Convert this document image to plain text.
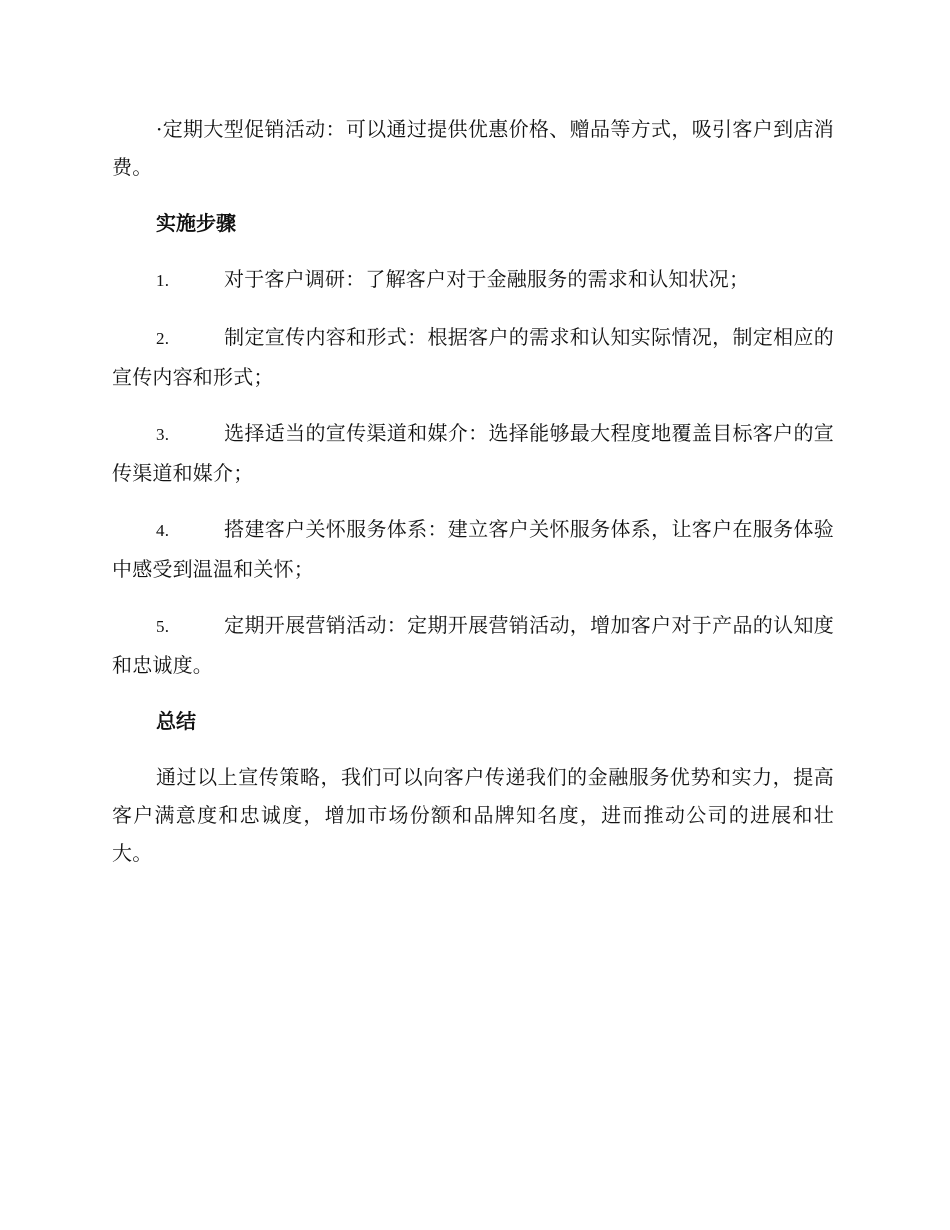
·定期大型促销活动：可以通过提供优惠价格、赠品等方式，吸引客户到店消费。

实施步骤
1.	对于客户调研：了解客户对于金融服务的需求和认知状况；
2.	制定宣传内容和形式：根据客户的需求和认知实际情况，制定相应的宣传内容和形式；
3.	选择适当的宣传渠道和媒介：选择能够最大程度地覆盖目标客户的宣传渠道和媒介；
4.	搭建客户关怀服务体系：建立客户关怀服务体系，让客户在服务体验中感受到温温和关怀；
5.	定期开展营销活动：定期开展营销活动，增加客户对于产品的认知度和忠诚度。
总结

通过以上宣传策略，我们可以向客户传递我们的金融服务优势和实力，提高客户满意度和忠诚度，增加市场份额和品牌知名度，进而推动公司的进展和壮大。
